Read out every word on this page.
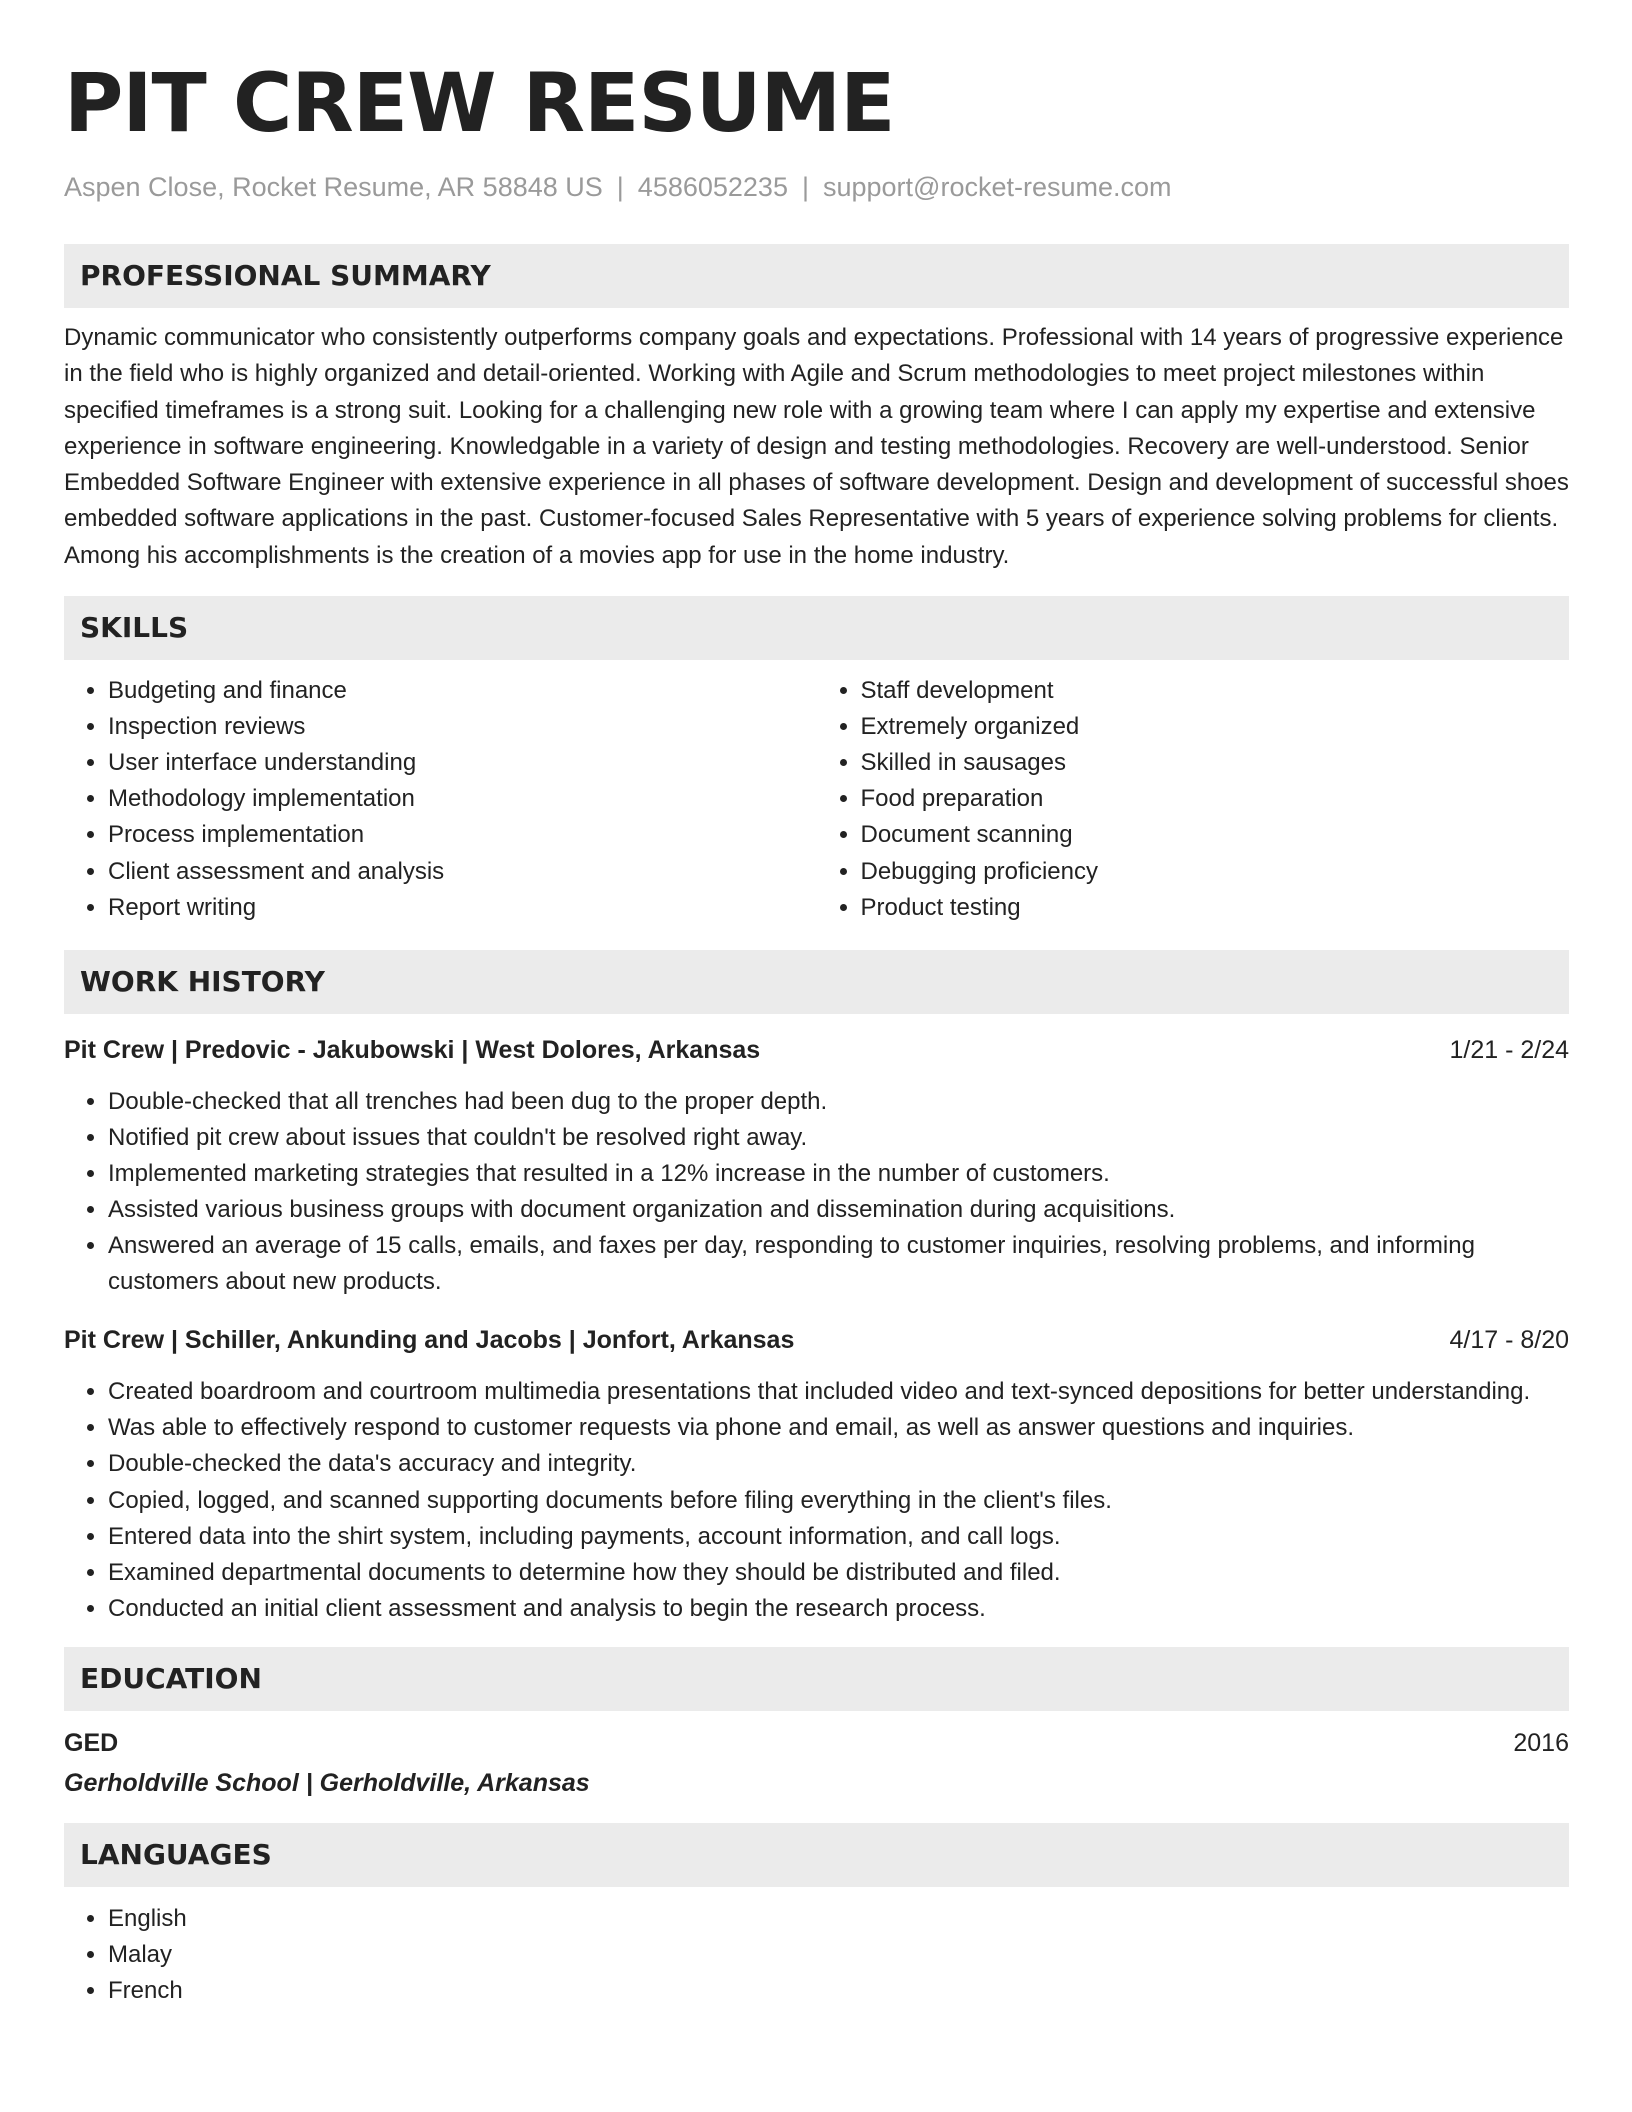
PIT CREW RESUME
Aspen Close, Rocket Resume, AR 58848 US | 4586052235 | support@rocket-resume.com
PROFESSIONAL SUMMARY
Dynamic communicator who consistently outperforms company goals and expectations. Professional with 14 years of progressive experience in the field who is highly organized and detail-oriented. Working with Agile and Scrum methodologies to meet project milestones within specified timeframes is a strong suit. Looking for a challenging new role with a growing team where I can apply my expertise and extensive experience in software engineering. Knowledgable in a variety of design and testing methodologies. Recovery are well-understood. Senior Embedded Software Engineer with extensive experience in all phases of software development. Design and development of successful shoes embedded software applications in the past. Customer-focused Sales Representative with 5 years of experience solving problems for clients. Among his accomplishments is the creation of a movies app for use in the home industry.
SKILLS
• Budgeting and finance
• Inspection reviews
• User interface understanding
• Methodology implementation
• Process implementation
• Client assessment and analysis
• Report writing
• Staff development
• Extremely organized
• Skilled in sausages
• Food preparation
• Document scanning
• Debugging proficiency
• Product testing
WORK HISTORY
Pit Crew | Predovic - Jakubowski | West Dolores, Arkansas	1/21 - 2/24
• Double-checked that all trenches had been dug to the proper depth.
• Notified pit crew about issues that couldn't be resolved right away.
• Implemented marketing strategies that resulted in a 12% increase in the number of customers.
• Assisted various business groups with document organization and dissemination during acquisitions.
• Answered an average of 15 calls, emails, and faxes per day, responding to customer inquiries, resolving problems, and informing customers about new products.
Pit Crew | Schiller, Ankunding and Jacobs | Jonfort, Arkansas	4/17 - 8/20
• Created boardroom and courtroom multimedia presentations that included video and text-synced depositions for better understanding.
• Was able to effectively respond to customer requests via phone and email, as well as answer questions and inquiries.
• Double-checked the data's accuracy and integrity.
• Copied, logged, and scanned supporting documents before filing everything in the client's files.
• Entered data into the shirt system, including payments, account information, and call logs.
• Examined departmental documents to determine how they should be distributed and filed.
• Conducted an initial client assessment and analysis to begin the research process.
EDUCATION
GED	2016
Gerholdville School | Gerholdville, Arkansas
LANGUAGES
• English
• Malay
• French
